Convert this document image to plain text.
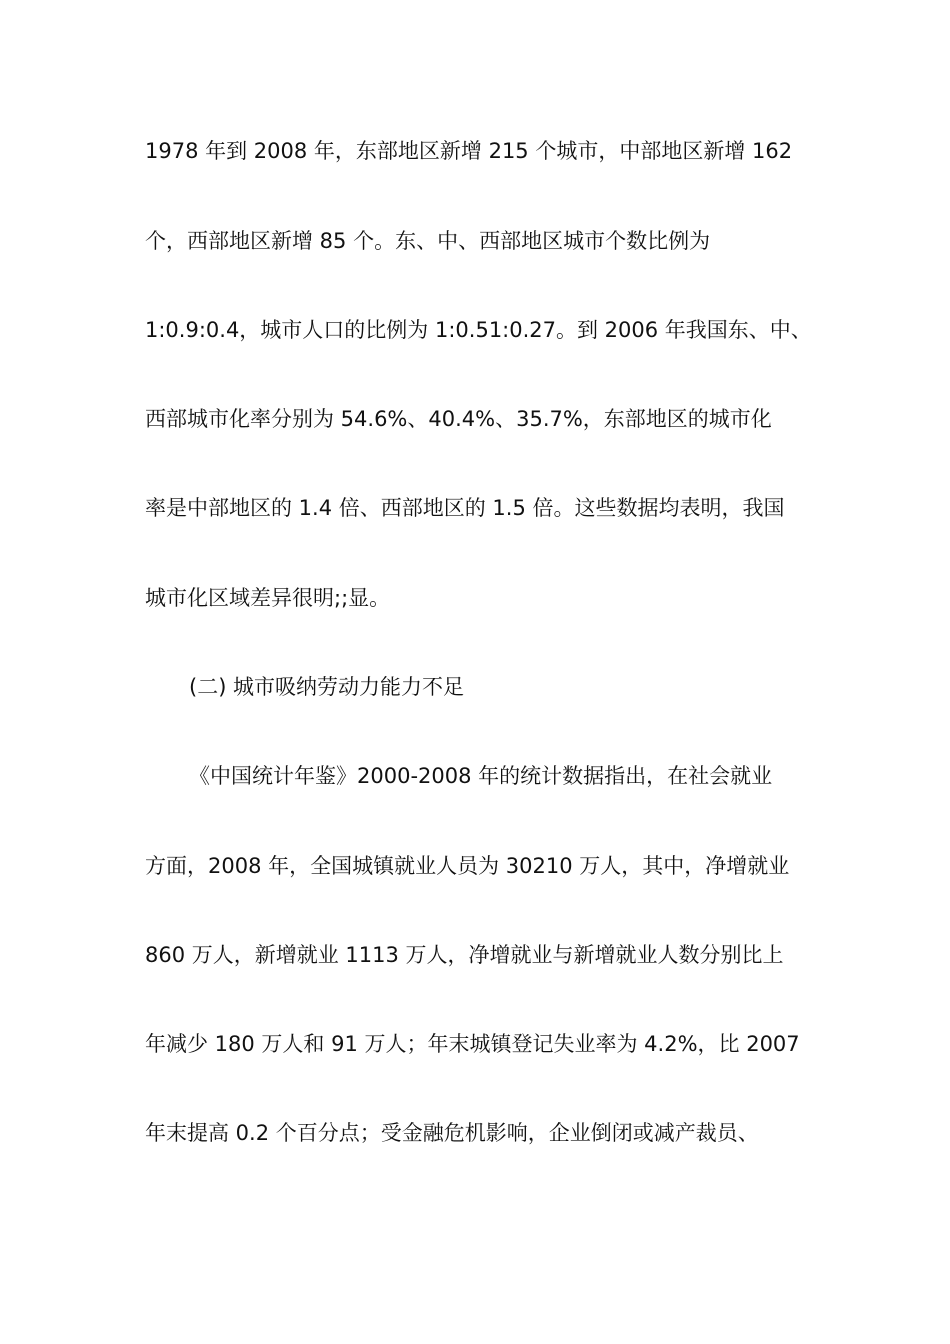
1978 年到 2008 年，东部地区新增 215 个城市，中部地区新增 162
个，西部地区新增 85 个。东、中、西部地区城市个数比例为
1:0.9:0.4，城市人口的比例为 1:0.51:0.27。到 2006 年我国东、中、
西部城市化率分别为 54.6%、40.4%、35.7%，东部地区的城市化
率是中部地区的 1.4 倍、西部地区的 1.5 倍。这些数据均表明，我国
城市化区域差异很明;;显。
(二) 城市吸纳劳动力能力不足
《中国统计年鉴》2000-2008 年的统计数据指出，在社会就业
方面，2008 年，全国城镇就业人员为 30210 万人，其中，净增就业
860 万人，新增就业 1113 万人，净增就业与新增就业人数分别比上
年减少 180 万人和 91 万人；年末城镇登记失业率为 4.2%，比 2007
年末提高 0.2 个百分点；受金融危机影响，企业倒闭或减产裁员、
